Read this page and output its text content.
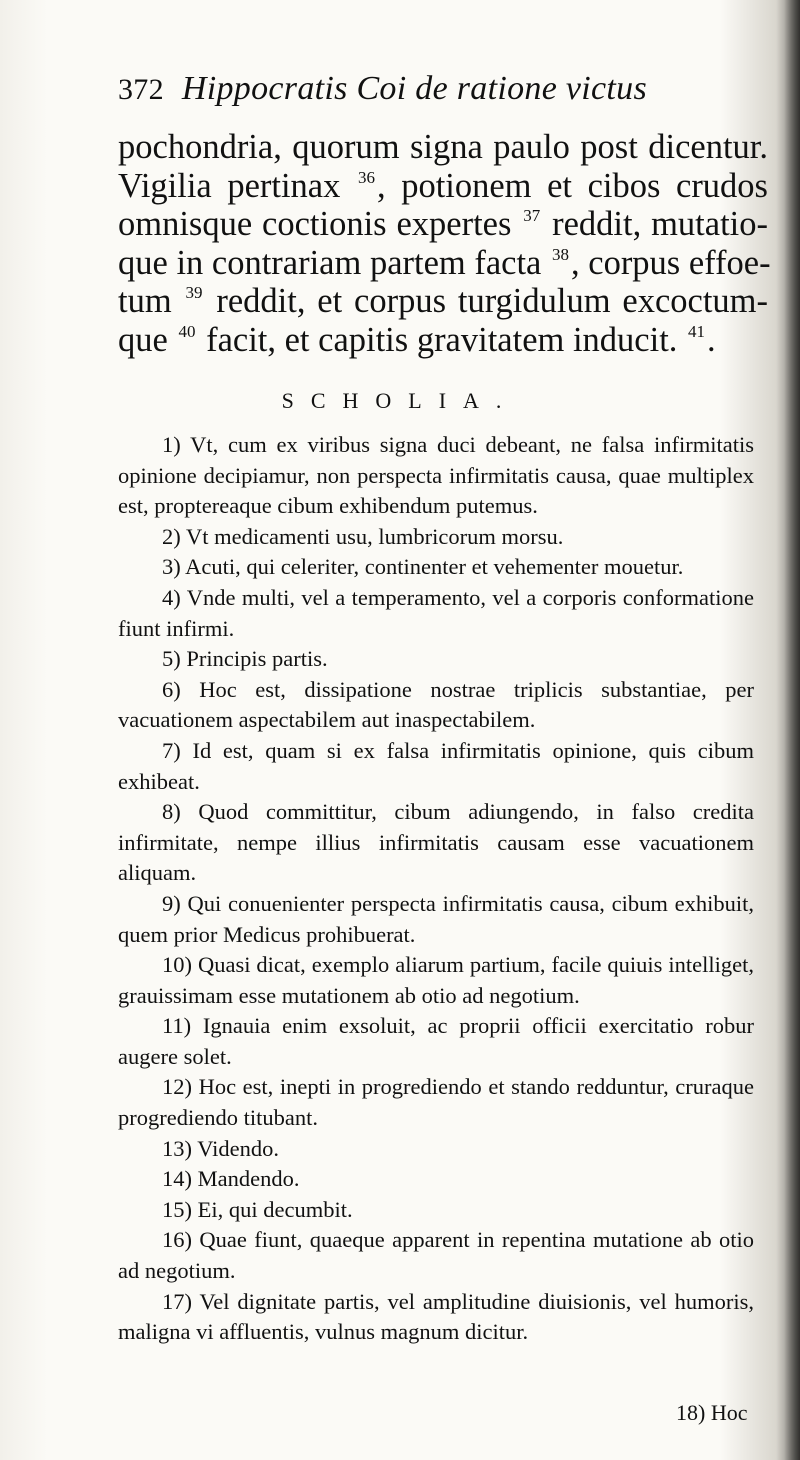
372 Hippocratis Coi de ratione victus
pochondria, quorum signa paulo post dicentur.
Vigilia pertinax $^{36}$, potionem et cibos crudos
omnisque coctionis expertes $^{37}$ reddit, mutatio-
que in contrariam partem facta $^{38}$, corpus effoe-
tum $^{39}$ reddit, et corpus turgidulum excoctum-
que $^{40}$ facit, et capitis gravitatem inducit. $^{41}$.
SCHOLIA.

1) Vt, cum ex viribus signa duci debeant, ne falsa infirmitatis opinione decipiamur, non perspecta infirmitatis causa, quae multiplex est, proptereaque cibum exhibendum putemus.

2) Vt medicamenti usu, lumbricorum morsu.

3) Acuti, qui celeriter, continenter et vehementer mouetur.

4) Vnde multi, vel a temperamento, vel a corporis conformatione fiunt infirmi.

5) Principis partis.

6) Hoc est, dissipatione nostrae triplicis substantiae, per vacuationem aspectabilem aut inaspectabilem.

7) Id est, quam si ex falsa infirmitatis opinione, quis cibum exhibeat.

8) Quod committitur, cibum adiungendo, in falso credita infirmitate, nempe illius infirmitatis causam esse vacuationem aliquam.

9) Qui conuenienter perspecta infirmitatis causa, cibum exhibuit, quem prior Medicus prohibuerat.

10) Quasi dicat, exemplo aliarum partium, facile quiuis intelliget, grauissimam esse mutationem ab otio ad negotium.

11) Ignauia enim exsoluit, ac proprii officii exercitatio robur augere solet.

12) Hoc est, inepti in progrediendo et stando redduntur, cruraque progrediendo titubant.

13) Videndo.

14) Mandendo.

15) Ei, qui decumbit.

16) Quae fiunt, quaeque apparent in repentina mutatione ab otio ad negotium.

17) Vel dignitate partis, vel amplitudine diuisionis, vel humoris, maligna vi affluentis, vulnus magnum dicitur.

18) Hoc
